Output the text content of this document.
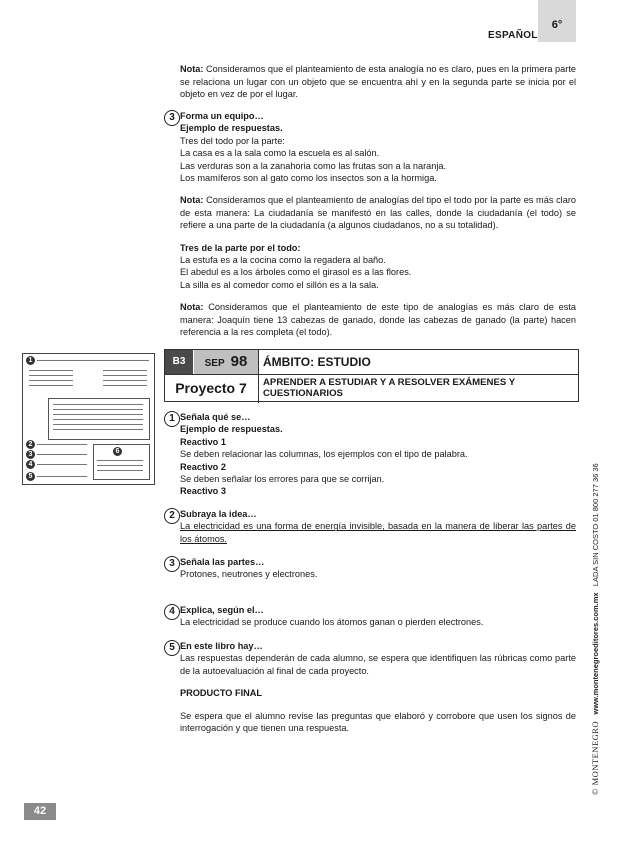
ESPAÑOL
6°

Nota: Consideramos que el planteamiento de esta analogía no es claro, pues en la primera parte se relaciona un lugar con un objeto que se encuentra ahí y en la segunda parte se inicia por el objeto en vez de por el lugar.

3 Forma un equipo…

Ejemplo de respuestas.

Tres del todo por la parte:

La casa es a la sala como la escuela es al salón.

Las verduras son a la zanahoria como las frutas son a la naranja.

Los mamíferos son al gato como los insectos son a la hormiga.

Nota: Consideramos que el planteamiento de analogías del tipo el todo por la parte es más claro de esta manera: La ciudadanía se manifestó en las calles, donde la ciudadanía (el todo) se refiere a una parte de la ciudadanía (a algunos ciudadanos, no a su totalidad).

Tres de la parte por el todo:

La estufa es a la cocina como la regadera al baño.

El abedul es a los árboles como el girasol es a las flores.

La silla es al comedor como el sillón es a la sala.

Nota: Consideramos que el planteamiento de este tipo de analogías es más claro de esta manera: Joaquín tiene 13 cabezas de ganado, donde las cabezas de ganado (la parte) hacen referencia a la res completa (el todo).

1
2
3
4
5
6
B3	SEP 98	ÁMBITO: ESTUDIO
Proyecto 7	APRENDER A ESTUDIAR Y A RESOLVER EXÁMENES Y CUESTIONARIOS
1 Señala qué se…

Ejemplo de respuestas.

Reactivo 1

Se deben relacionar las columnas, los ejemplos con el tipo de palabra.

Reactivo 2

Se deben señalar los errores para que se corrijan.

Reactivo 3

2 Subraya la idea…

La electricidad es una forma de energía invisible, basada en la manera de liberar las partes de los átomos.

3 Señala las partes…

Protones, neutrones y electrones.

4 Explica, según el…

La electricidad se produce cuando los átomos ganan o pierden electrones.

5 En este libro hay…

Las respuestas dependerán de cada alumno, se espera que identifiquen las rúbricas como parte de la autoevaluación al final de cada proyecto.

PRODUCTO FINAL

Se espera que el alumno revise las preguntas que elaboró y corrobore que usen los signos de interrogación y que tienen una respuesta.	© MONTENEGRO   www.montenegroeditores.com.mx   LADA SIN COSTO 01 800 277 36 36
42
